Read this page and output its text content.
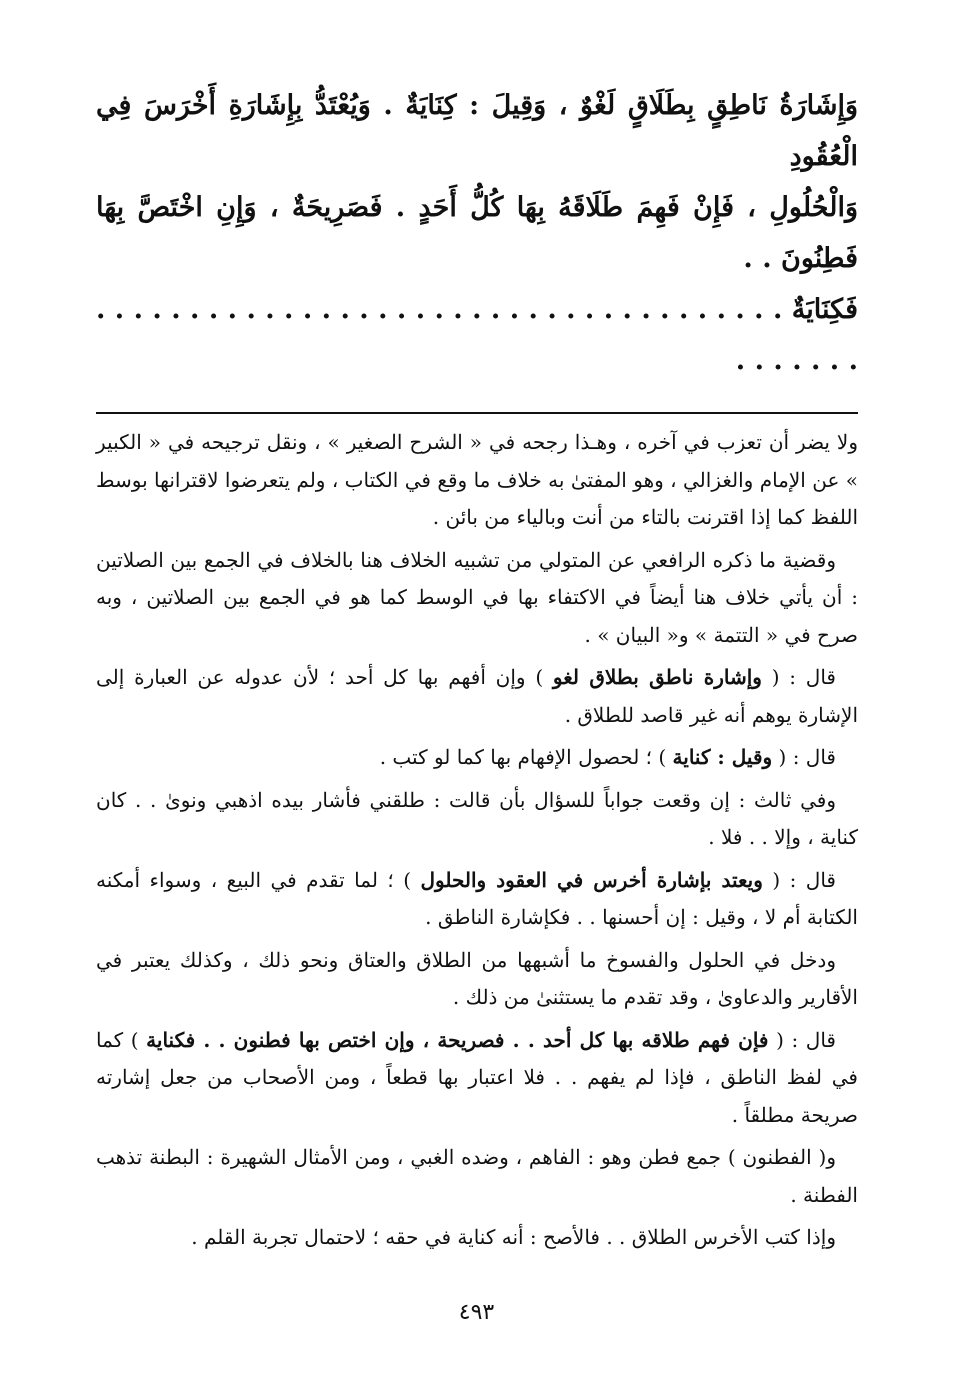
وَإِشَارَةُ نَاطِقٍ بِطَلَاقٍ لَغْوٌ ، وَقِيلَ : كِنَايَةٌ . وَيُعْتَدُّ بِإِشَارَةِ أَخْرَسَ فِي الْعُقُودِ

وَالْحُلُولِ ، فَإِنْ فَهِمَ طَلَاقَهُ بِهَا كُلُّ أَحَدٍ . فَصَرِيحَةٌ ، وَإِنِ اخْتَصَّ بِهَا فَطِنُونَ . .

فَكِنَايَةٌ . . . . . . . . . . . . . . . . . . . . . . . . . . . . . . . . . . . . . . . . . . . .

ولا يضر أن تعزب في آخره ، وهـذا رجحه في « الشرح الصغير » ، ونقل ترجيحه في « الكبير » عن الإمام والغزالي ، وهو المفتىٰ به خلاف ما وقع في الكتاب ، ولم يتعرضوا لاقترانها بوسط اللفظ كما إذا اقترنت بالتاء من أنت وبالياء من بائن .

وقضية ما ذكره الرافعي عن المتولي من تشبيه الخلاف هنا بالخلاف في الجمع بين الصلاتين : أن يأتي خلاف هنا أيضاً في الاكتفاء بها في الوسط كما هو في الجمع بين الصلاتين ، وبه صرح في « التتمة » و« البيان » .

قال : ( وإشارة ناطق بطلاق لغو ) وإن أفهم بها كل أحد ؛ لأن عدوله عن العبارة إلى الإشارة يوهم أنه غير قاصد للطلاق .

قال : ( وقيل : كناية ) ؛ لحصول الإفهام بها كما لو كتب .

وفي ثالث : إن وقعت جواباً للسؤال بأن قالت : طلقني فأشار بيده اذهبي ونوىٰ . . كان كناية ، وإلا . . فلا .

قال : ( ويعتد بإشارة أخرس في العقود والحلول ) ؛ لما تقدم في البيع ، وسواء أمكنه الكتابة أم لا ، وقيل : إن أحسنها . . فكإشارة الناطق .

ودخل في الحلول والفسوخ ما أشبهها من الطلاق والعتاق ونحو ذلك ، وكذلك يعتبر في الأقارير والدعاوىٰ ، وقد تقدم ما يستثنىٰ من ذلك .

قال : ( فإن فهم طلاقه بها كل أحد . . فصريحة ، وإن اختص بها فطنون . . فكناية ) كما في لفظ الناطق ، فإذا لم يفهم . . فلا اعتبار بها قطعاً ، ومن الأصحاب من جعل إشارته صريحة مطلقاً .

و( الفطنون ) جمع فطن وهو : الفاهم ، وضده الغبي ، ومن الأمثال الشهيرة : البطنة تذهب الفطنة .

وإذا كتب الأخرس الطلاق . . فالأصح : أنه كناية في حقه ؛ لاحتمال تجربة القلم .

٤٩٣
